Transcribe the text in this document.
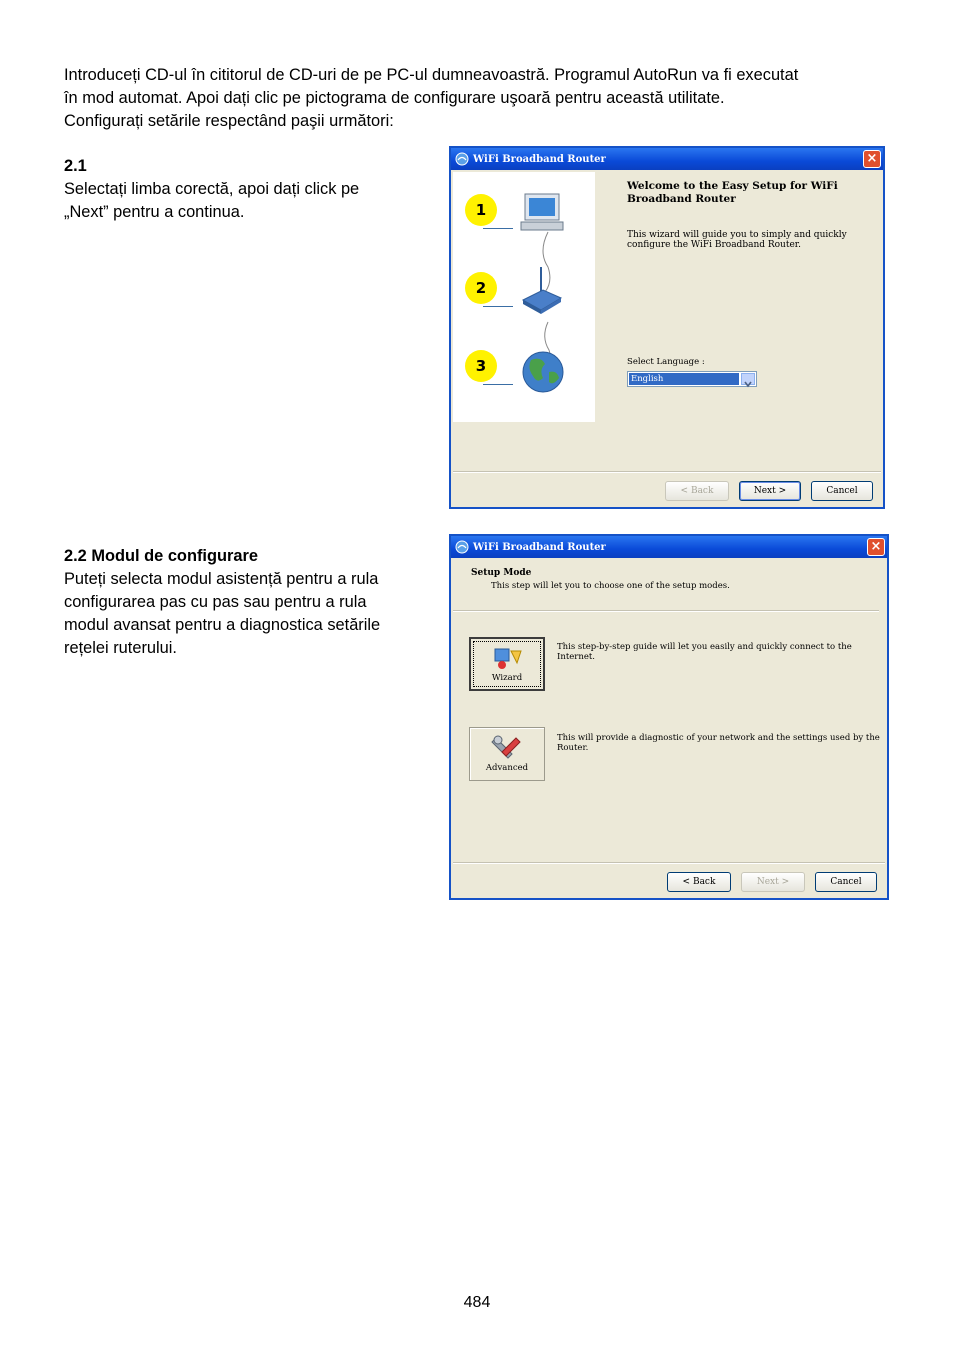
Introduceți CD-ul în cititorul de CD-uri de pe PC-ul dumneavoastră. Programul AutoRun va fi executat

în mod automat. Apoi dați clic pe pictograma de configurare uşoară pentru această utilitate.

Configurați setările respectând paşii următori:

2.1

Selectați limba corectă, apoi dați click pe

„Next” pentru a continua.

WiFi Broadband Router	×
1
2
3
Welcome to the Easy Setup for WiFi
Broadband Router
This wizard will guide you to simply and quickly
configure the WiFi Broadband Router.
Select Language :
English
< Back	Next >	Cancel

2.2 Modul de configurare

Puteți selecta modul asistență pentru a rula

configurarea pas cu pas sau pentru a rula

modul avansat pentru a diagnostica setările

rețelei ruterului.

WiFi Broadband Router	×
Setup Mode
This step will let you to choose one of the setup modes.
Wizard
This step-by-step guide will let you easily and quickly connect to the
Internet.
Advanced
This will provide a diagnostic of your network and the settings used by the
Router.
< Back	Next >	Cancel
484
